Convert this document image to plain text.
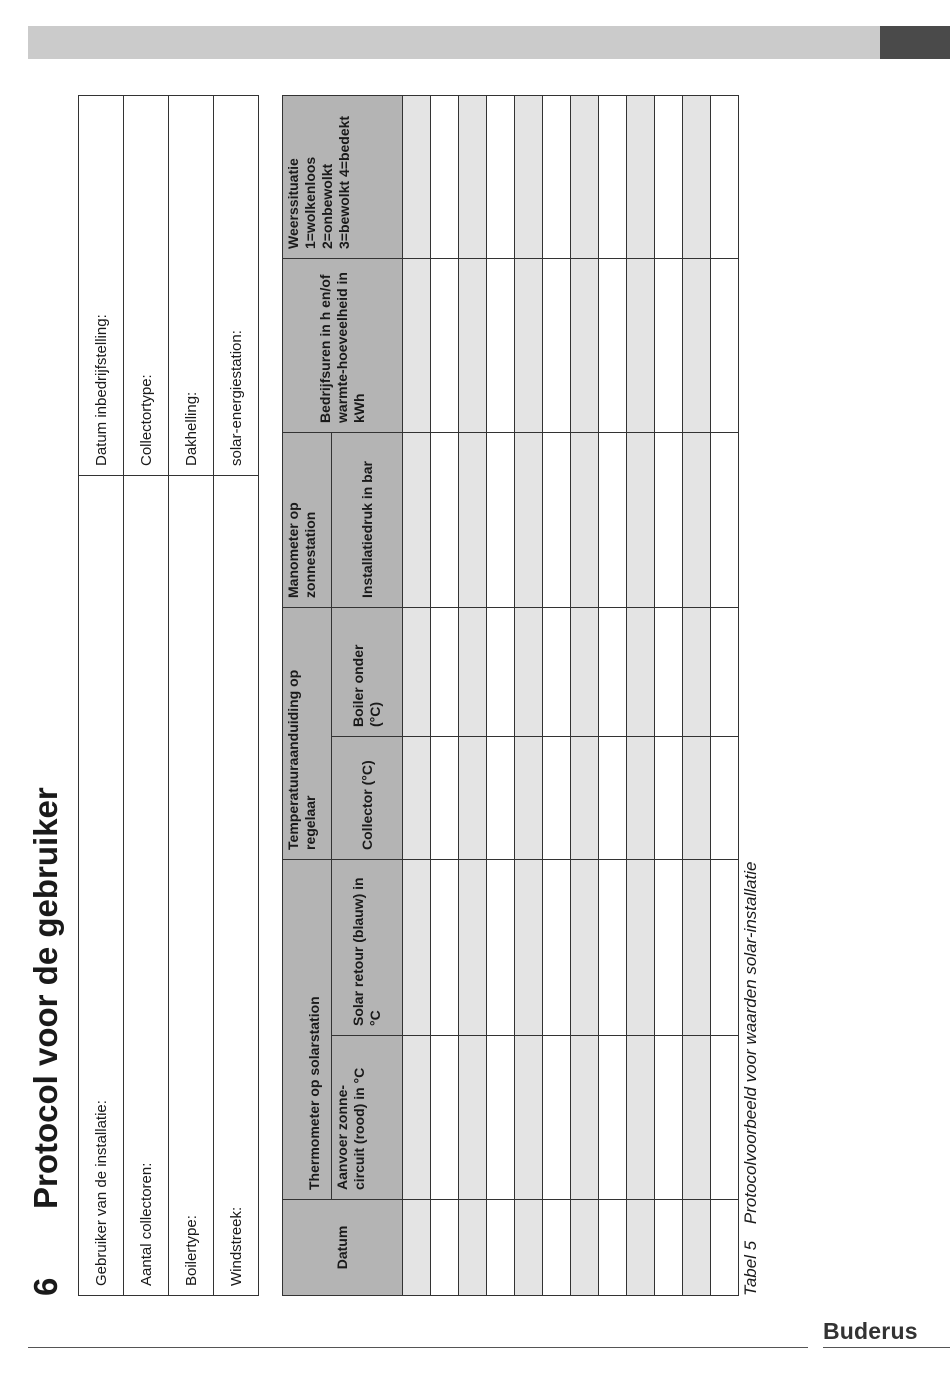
6
Protocol voor de gebruiker Gebruiker van de installatie:	Datum inbedrijfstelling:
Aantal collectoren:	Collectortype:
Boilertype:	Dakhelling:
Windstreek:	solar-energiestation:
Datum	Thermometer op solarstation		Temperatuuraanduiding op regelaar		Manometer op zonnestation	Bedrijfsuren in h en/of warmte-hoeveelheid in kWh	Weerssituatie 1=wolkenloos 2=onbewolkt 3=bewolkt 4=bedekt
	Aanvoer zonne-circuit (rood) in °C	Solar retour (blauw) in °C	Collector (°C)	Boiler onder (°C)	Installatiedruk in bar		

Tabel 5 Protocolvoorbeeld voor waarden solar-installatie
Buderus
